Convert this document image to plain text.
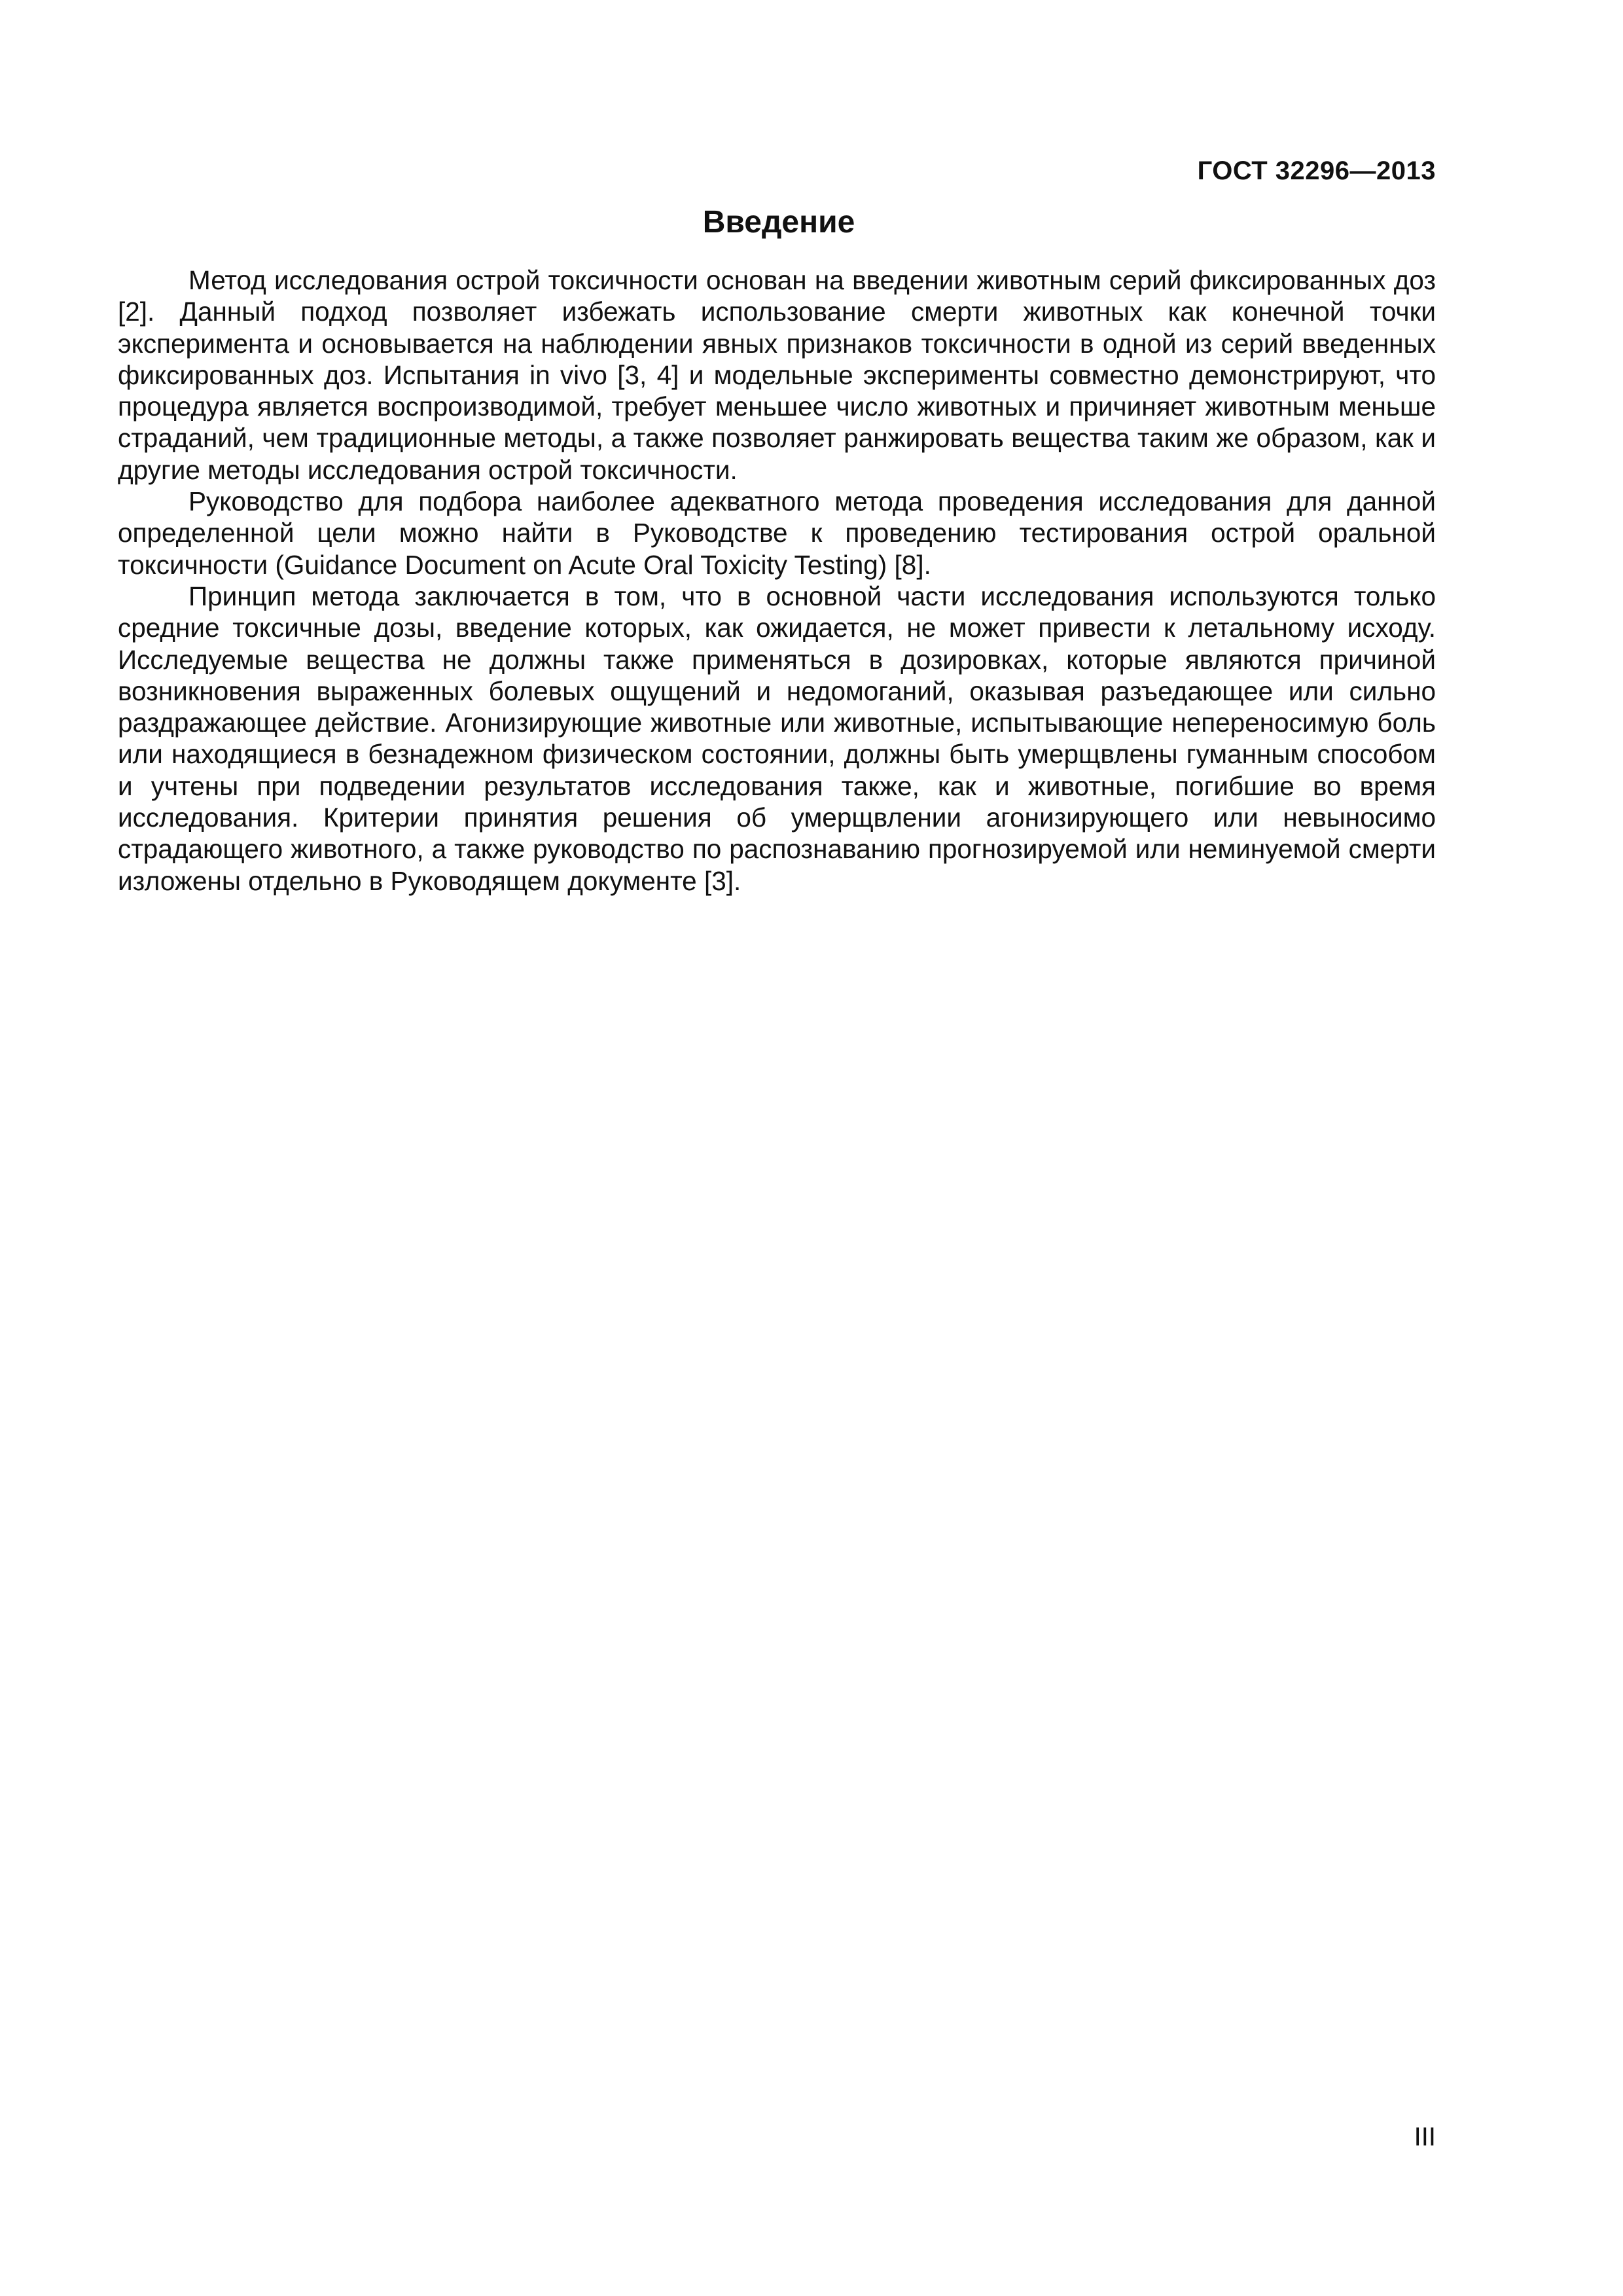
ГОСТ 32296—2013
Введение

Метод исследования острой токсичности основан на введении животным серий фиксированных доз [2]. Данный подход позволяет избежать использование смерти животных как конечной точки эксперимента и основывается на наблюдении явных признаков токсичности в одной из серий введенных фиксированных доз. Испытания in vivo [3, 4] и модельные эксперименты совместно демонстрируют, что процедура является воспроизводимой, требует меньшее число животных и причиняет животным меньше страданий, чем традиционные методы, а также позволяет ранжировать вещества таким же образом, как и другие методы исследования острой токсичности.

Руководство для подбора наиболее адекватного метода проведения исследования для данной определенной цели можно найти в Руководстве к проведению тестирования острой оральной токсичности (Guidance Document on Acute Oral Toxicity Testing) [8].

Принцип метода заключается в том, что в основной части исследования используются только средние токсичные дозы, введение которых, как ожидается, не может привести к летальному исходу. Исследуемые вещества не должны также применяться в дозировках, которые являются причиной возникновения выраженных болевых ощущений и недомоганий, оказывая разъедающее или сильно раздражающее действие. Агонизирующие животные или животные, испытывающие непереносимую боль или находящиеся в безнадежном физическом состоянии, должны быть умерщвлены гуманным способом и учтены при подведении результатов исследования также, как и животные, погибшие во время исследования. Критерии принятия решения об умерщвлении агонизирующего или невыносимо страдающего животного, а также руководство по распознаванию прогнозируемой или неминуемой смерти изложены отдельно в Руководящем документе [3].

III
